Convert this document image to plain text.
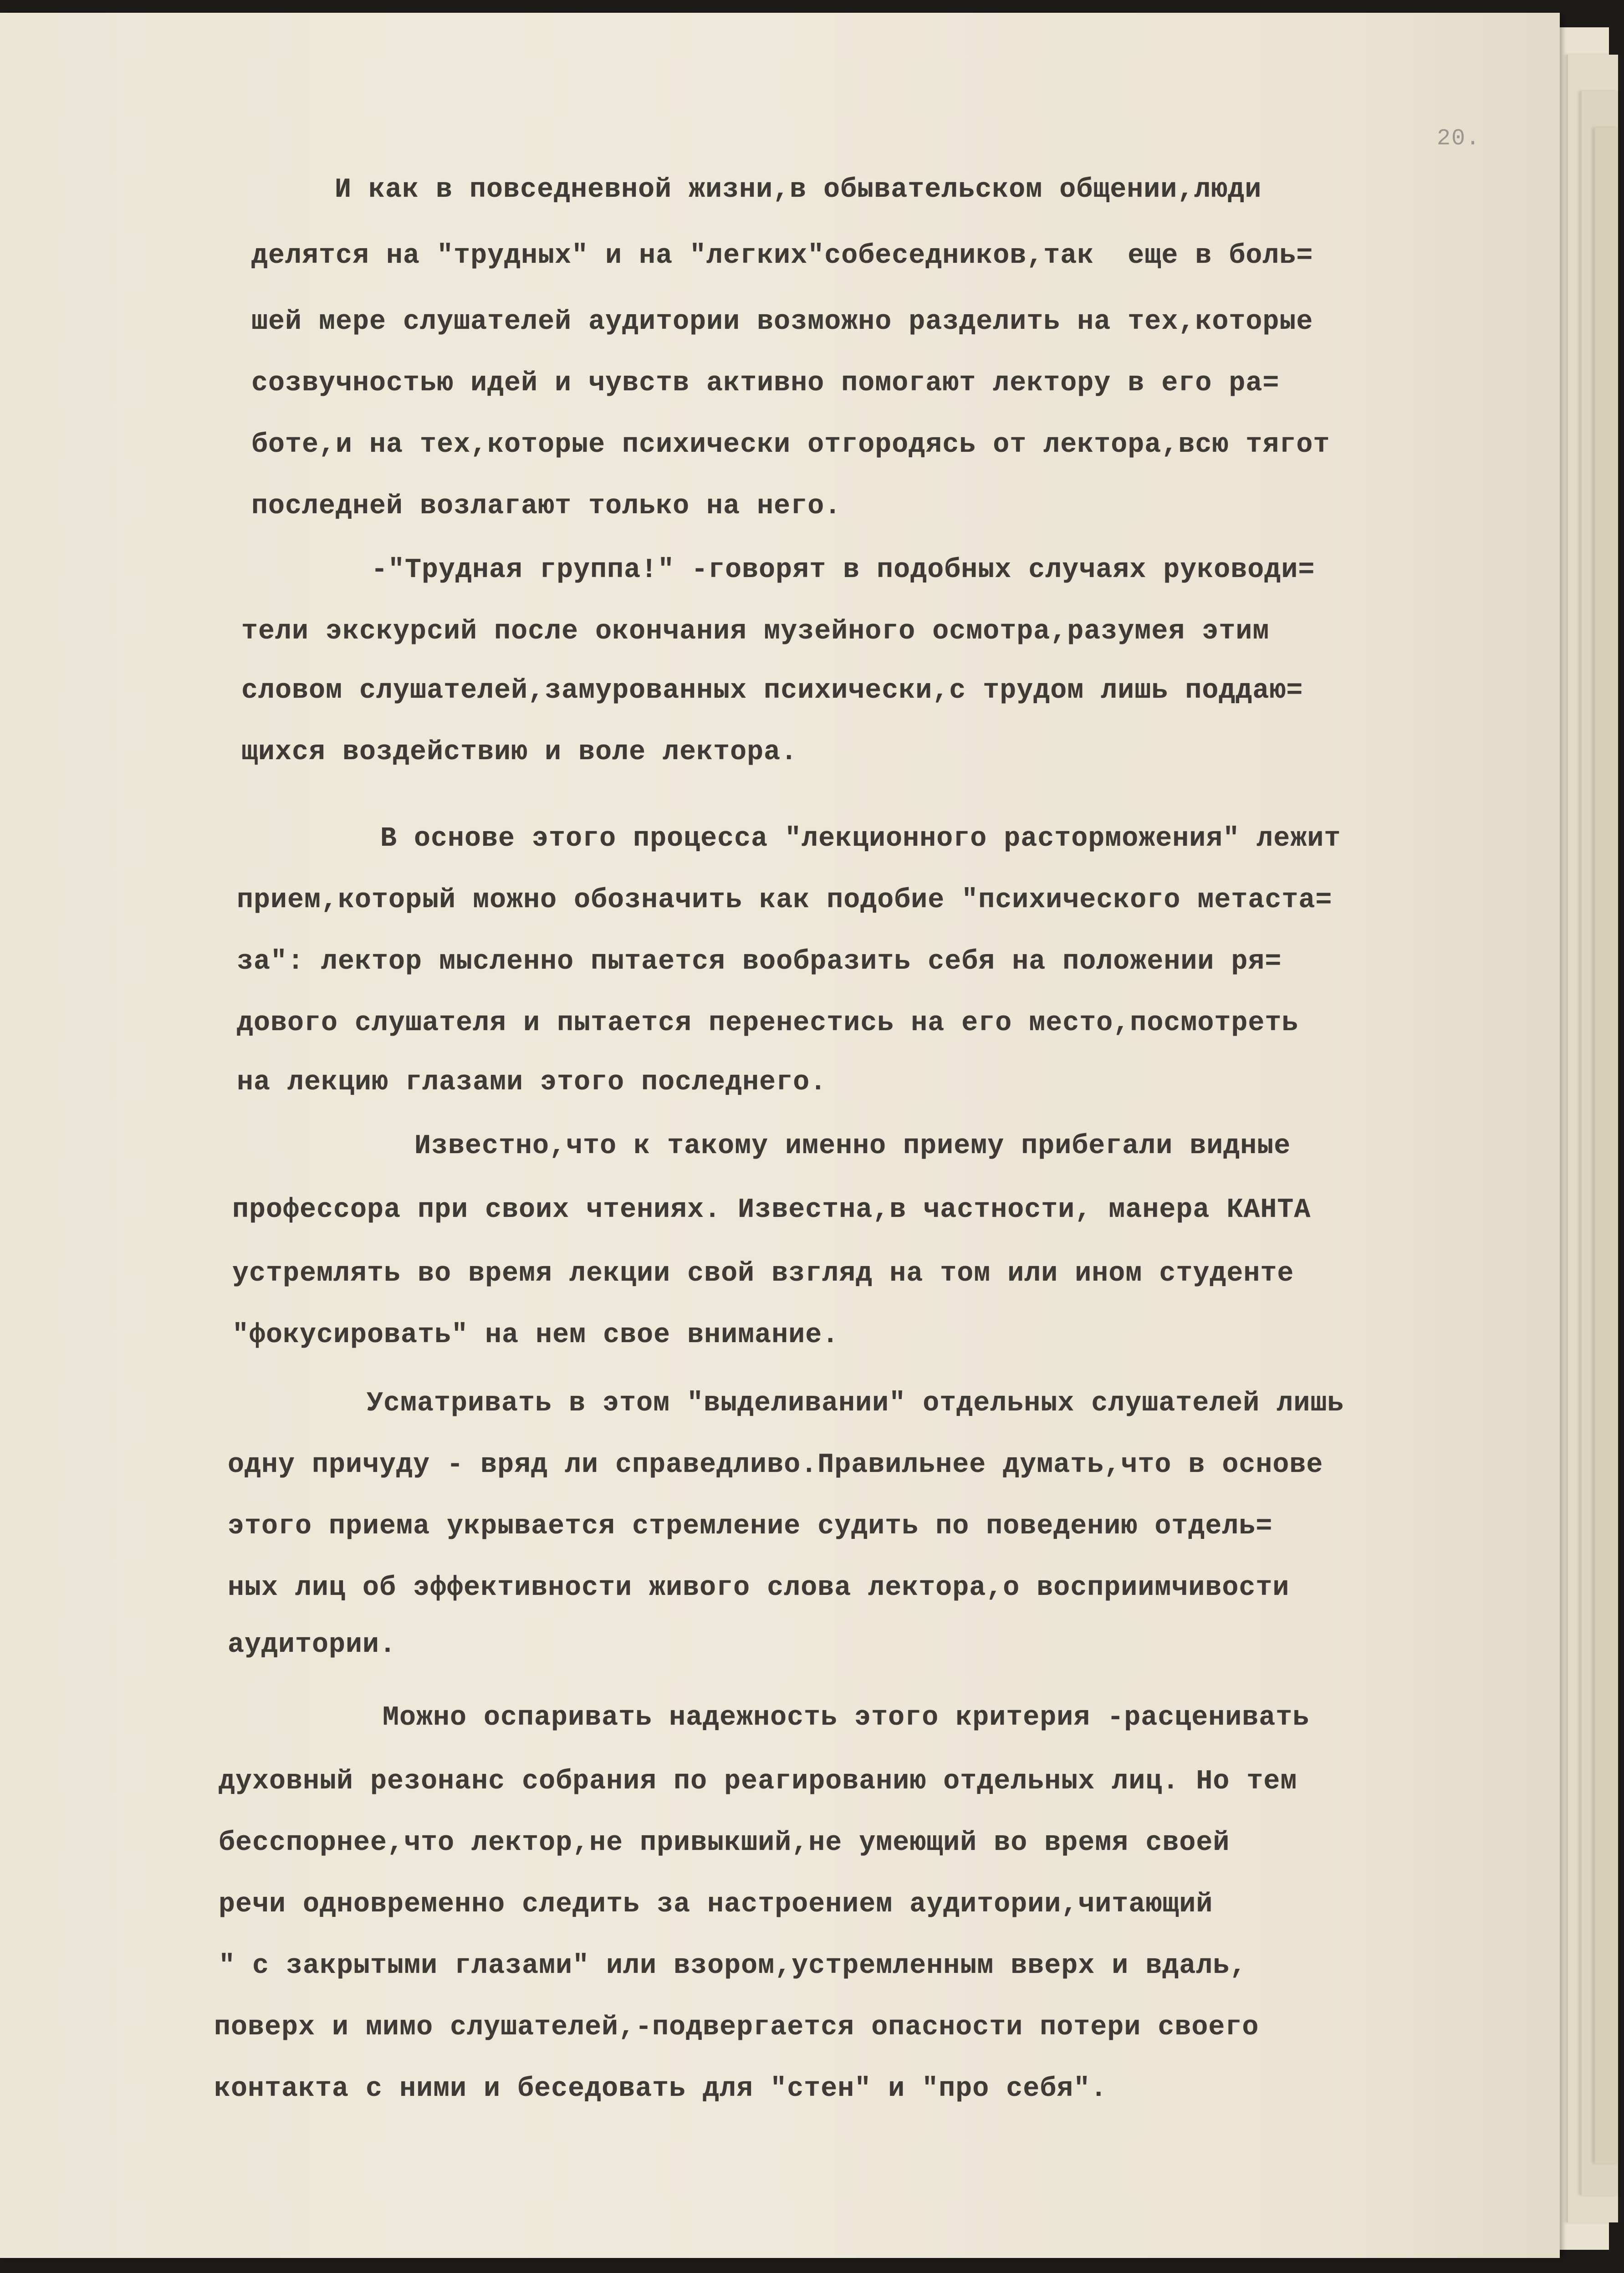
20.

И как в повседневной жизни,в обывательском общении,люди

делятся на "трудных" и на "легких"собеседников,так  еще в боль=

шей мере слушателей аудитории возможно разделить на тех,которые

созвучностью идей и чувств активно помогают лектору в его ра=

боте,и на тех,которые психически отгородясь от лектора,всю тягот

последней возлагают только на него.

-"Трудная группа!" -говорят в подобных случаях руководи=

тели экскурсий после окончания музейного осмотра,разумея этим

словом слушателей,замурованных психически,с трудом лишь поддаю=

щихся воздействию и воле лектора.

В основе этого процесса "лекционного расторможения" лежит

прием,который можно обозначить как подобие "психического метаста=

за": лектор мысленно пытается вообразить себя на положении ря=

дового слушателя и пытается перенестись на его место,посмотреть

на лекцию глазами этого последнего.

Известно,что к такому именно приему прибегали видные

профессора при своих чтениях. Известна,в частности, манера КАНТА

устремлять во время лекции свой взгляд на том или ином студенте

"фокусировать" на нем свое внимание.

Усматривать в этом "выделивании" отдельных слушателей лишь

одну причуду - вряд ли справедливо.Правильнее думать,что в основе

этого приема укрывается стремление судить по поведению отдель=

ных лиц об эффективности живого слова лектора,о восприимчивости

аудитории.

Можно оспаривать надежность этого критерия -расценивать

духовный резонанс собрания по реагированию отдельных лиц. Но тем

бесспорнее,что лектор,не привыкший,не умеющий во время своей

речи одновременно следить за настроением аудитории,читающий

" с закрытыми глазами" или взором,устремленным вверх и вдаль,

поверх и мимо слушателей,-подвергается опасности потери своего

контакта с ними и беседовать для "стен" и "про себя".
